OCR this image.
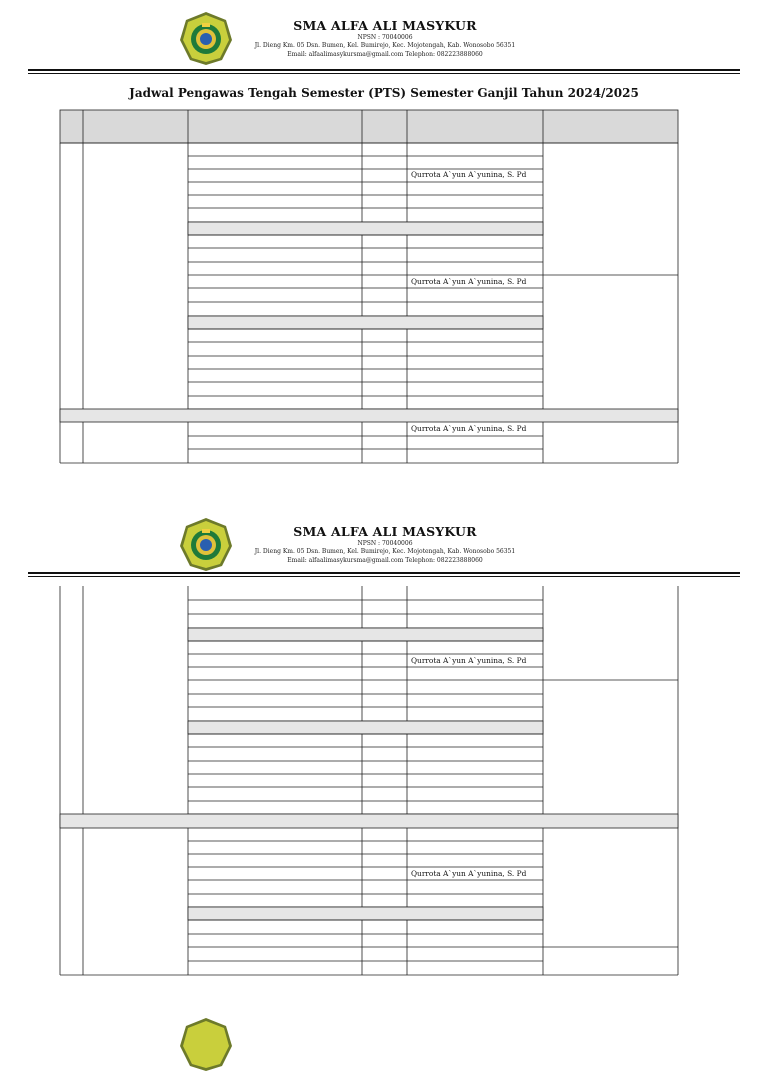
SMA ALFA ALI MASYKUR
NPSN : 70040006
Jl. Dieng Km. 05 Dsn. Bumen, Kel. Bumirejo, Kec. Mojotengah, Kab. Wonosobo 56351
Email: alfaalimasykursma@gmail.com Telephon: 082223888060
Jadwal Pengawas Tengah Semester (PTS) Semester Ganjil Tahun 2024/2025
SMA ALFA ALI MASYKUR
NPSN : 70040006
Jl. Dieng Km. 05 Dsn. Bumen, Kel. Bumirejo, Kec. Mojotengah, Kab. Wonosobo 56351
Email: alfaalimasykursma@gmail.com Telephon: 082223888060
Qurrota A`yun A`yunina, S. Pd
Qurrota A`yun A`yunina, S. Pd
Qurrota A`yun A`yunina, S. Pd
Qurrota A`yun A`yunina, S. Pd
Qurrota A`yun A`yunina, S. Pd
